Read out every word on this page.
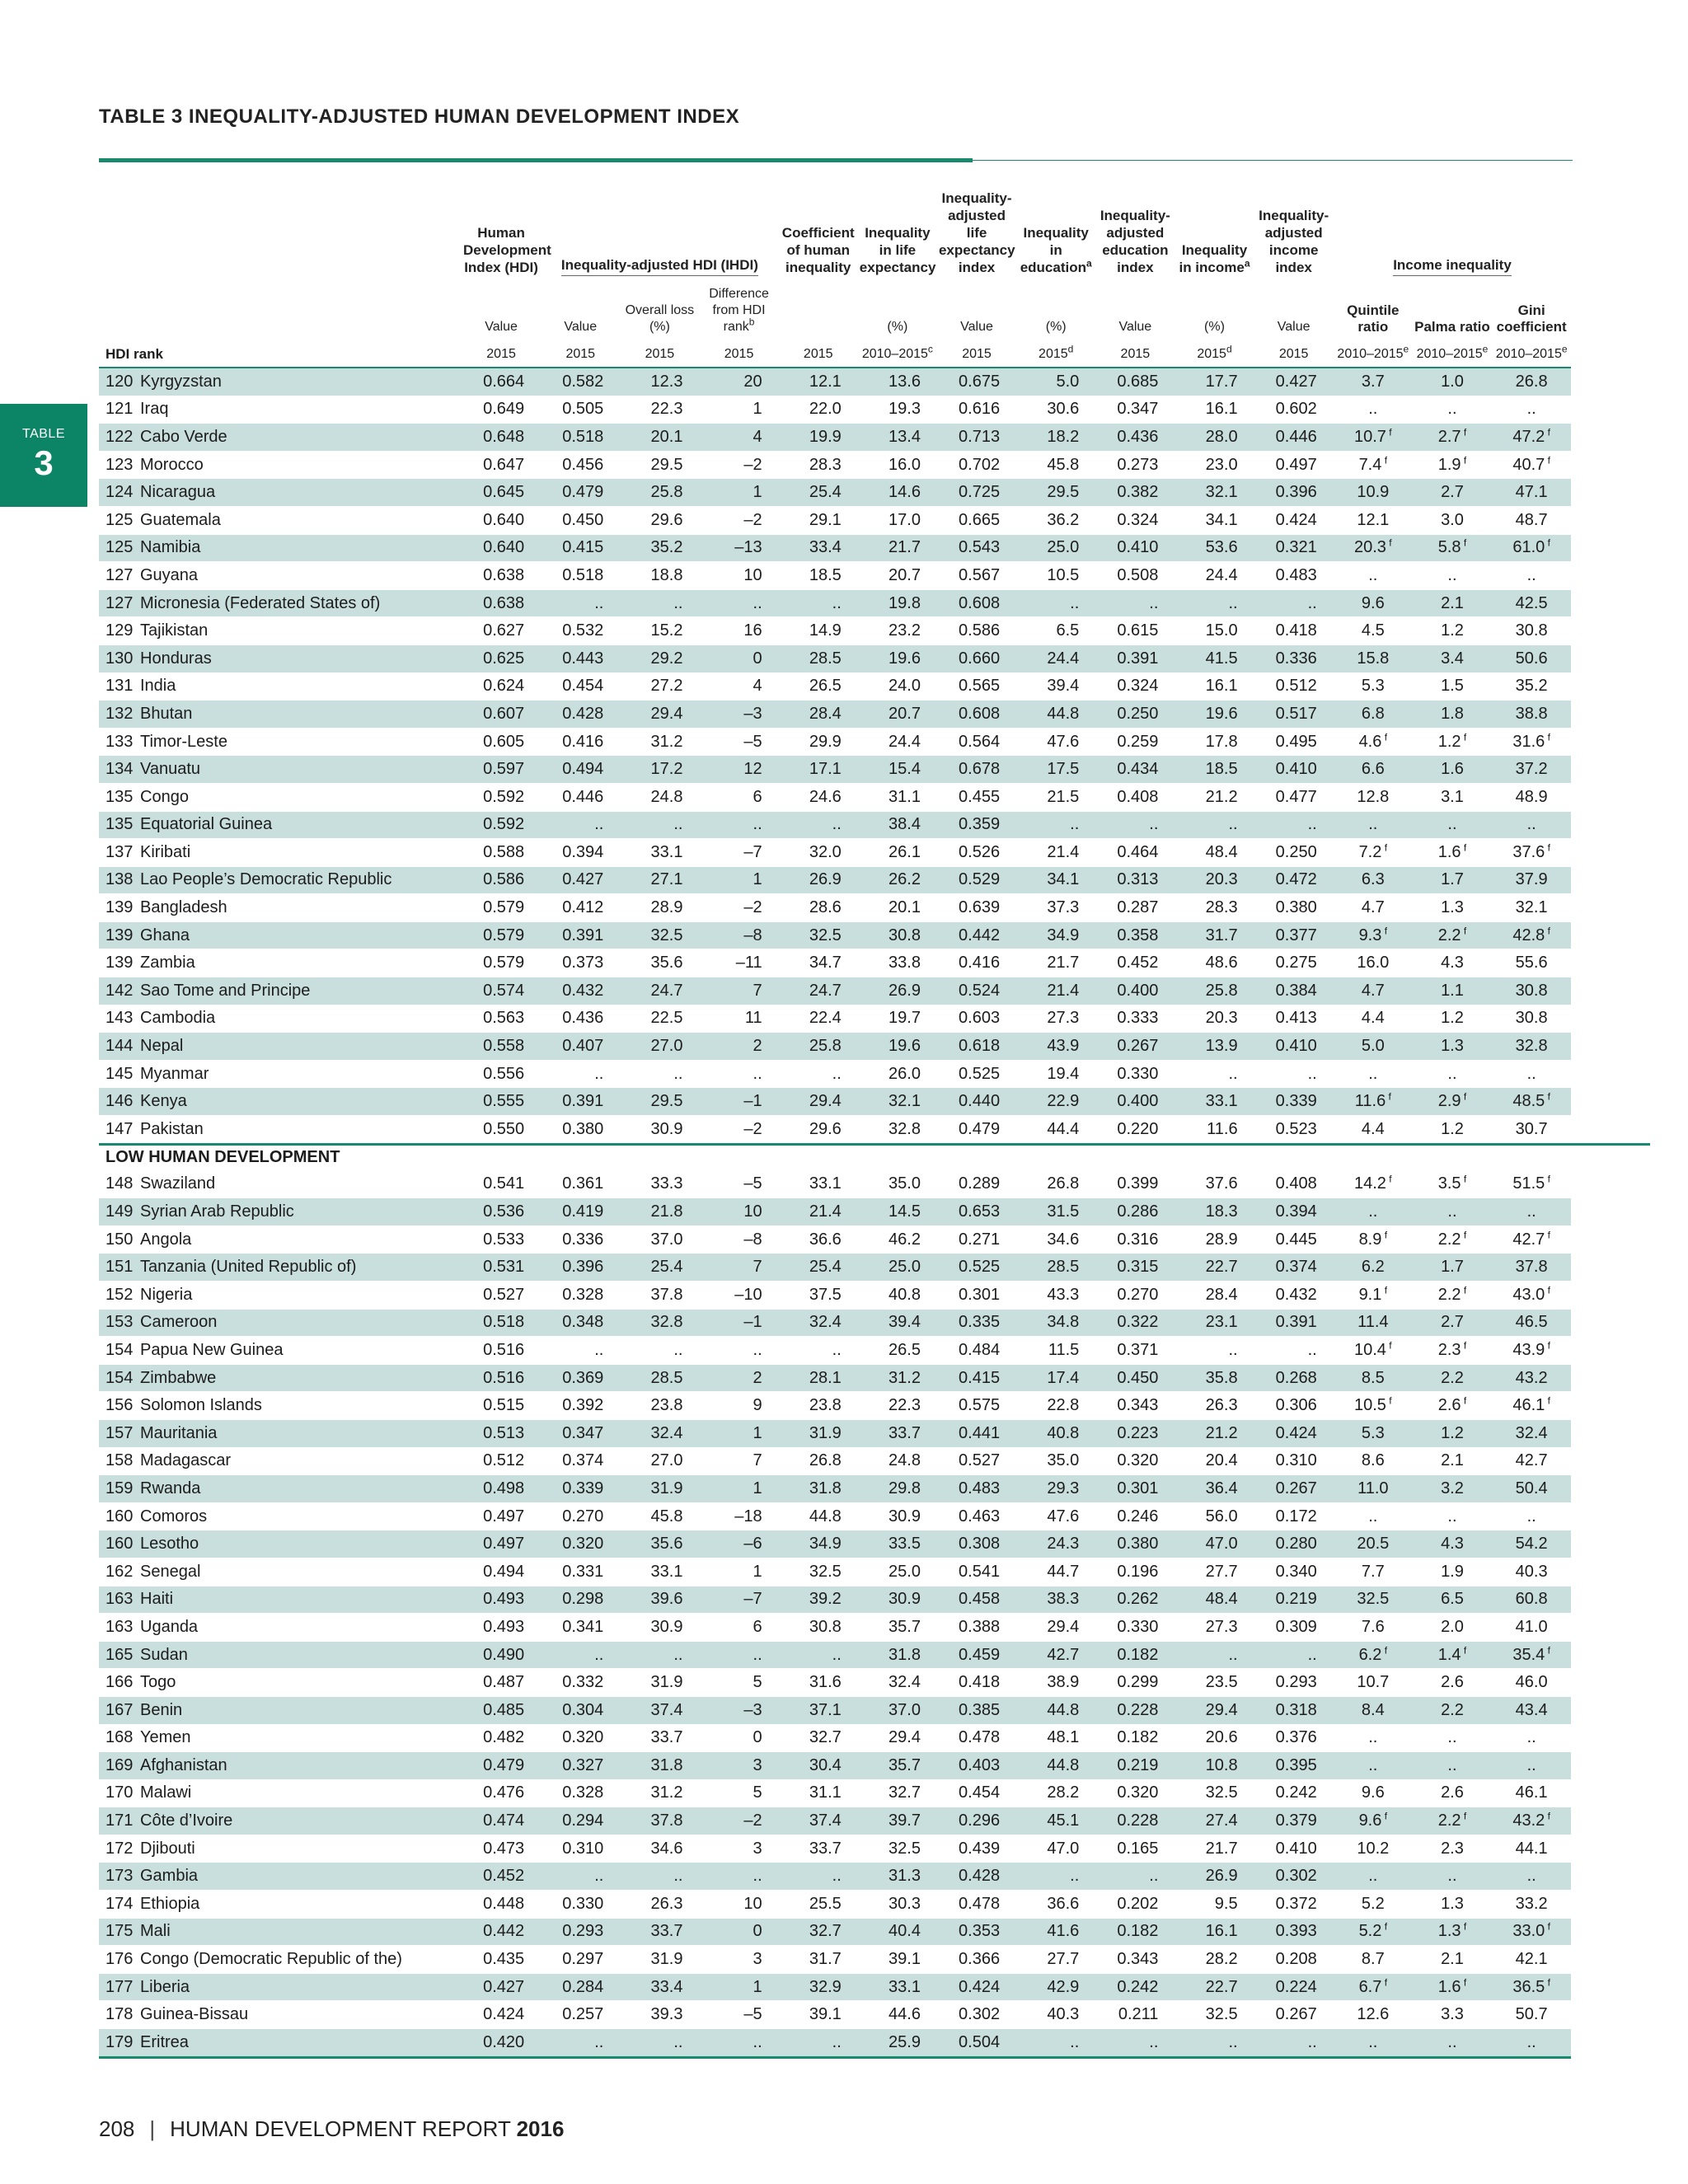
TABLE 3 INEQUALITY-ADJUSTED HUMAN DEVELOPMENT INDEX
TABLE
3
	Human Development Index (HDI)	Inequality-adjusted HDI (IHDI)			Coefficient of human inequality	Inequality in life expectancy	Inequality-adjusted life expectancy index	Inequality in education$^a$	Inequality-adjusted education index	Inequality in income$^a$	Inequality-adjusted income index	Income inequality		
	Value	Value	Overall loss (%)	Difference from HDI rank$^b$		(%)	Value	(%)	Value	(%)	Value	Quintile ratio	Palma ratio	Gini coefficient
HDI rank	2015	2015	2015	2015	2015	2010–2015$^c$	2015	2015$^d$	2015	2015$^d$	2015	2010–2015e	2010–2015e	2010–2015e
120 Kyrgyzstan	0.664	0.582	12.3	20	12.1	13.6	0.675	5.0	0.685	17.7	0.427	3.7	1.0	26.8
121 Iraq	0.649	0.505	22.3	1	22.0	19.3	0.616	30.6	0.347	16.1	0.602	..	..	..
122 Cabo Verde	0.648	0.518	20.1	4	19.9	13.4	0.713	18.2	0.436	28.0	0.446	10.7 $^f$	2.7 $^f$	47.2 $^f$
123 Morocco	0.647	0.456	29.5	–2	28.3	16.0	0.702	45.8	0.273	23.0	0.497	7.4 $^f$	1.9 $^f$	40.7 $^f$
124 Nicaragua	0.645	0.479	25.8	1	25.4	14.6	0.725	29.5	0.382	32.1	0.396	10.9	2.7	47.1
125 Guatemala	0.640	0.450	29.6	–2	29.1	17.0	0.665	36.2	0.324	34.1	0.424	12.1	3.0	48.7
125 Namibia	0.640	0.415	35.2	–13	33.4	21.7	0.543	25.0	0.410	53.6	0.321	20.3 $^f$	5.8 $^f$	61.0 $^f$
127 Guyana	0.638	0.518	18.8	10	18.5	20.7	0.567	10.5	0.508	24.4	0.483	..	..	..
127 Micronesia (Federated States of)	0.638	..	..	..	..	19.8	0.608	..	..	..	..	9.6	2.1	42.5
129 Tajikistan	0.627	0.532	15.2	16	14.9	23.2	0.586	6.5	0.615	15.0	0.418	4.5	1.2	30.8
130 Honduras	0.625	0.443	29.2	0	28.5	19.6	0.660	24.4	0.391	41.5	0.336	15.8	3.4	50.6
131 India	0.624	0.454	27.2	4	26.5	24.0	0.565	39.4	0.324	16.1	0.512	5.3	1.5	35.2
132 Bhutan	0.607	0.428	29.4	–3	28.4	20.7	0.608	44.8	0.250	19.6	0.517	6.8	1.8	38.8
133 Timor-Leste	0.605	0.416	31.2	–5	29.9	24.4	0.564	47.6	0.259	17.8	0.495	4.6 $^f$	1.2 $^f$	31.6 $^f$
134 Vanuatu	0.597	0.494	17.2	12	17.1	15.4	0.678	17.5	0.434	18.5	0.410	6.6	1.6	37.2
135 Congo	0.592	0.446	24.8	6	24.6	31.1	0.455	21.5	0.408	21.2	0.477	12.8	3.1	48.9
135 Equatorial Guinea	0.592	..	..	..	..	38.4	0.359	..	..	..	..	..	..	..
137 Kiribati	0.588	0.394	33.1	–7	32.0	26.1	0.526	21.4	0.464	48.4	0.250	7.2 $^f$	1.6 $^f$	37.6 $^f$
138 Lao People’s Democratic Republic	0.586	0.427	27.1	1	26.9	26.2	0.529	34.1	0.313	20.3	0.472	6.3	1.7	37.9
139 Bangladesh	0.579	0.412	28.9	–2	28.6	20.1	0.639	37.3	0.287	28.3	0.380	4.7	1.3	32.1
139 Ghana	0.579	0.391	32.5	–8	32.5	30.8	0.442	34.9	0.358	31.7	0.377	9.3 $^f$	2.2 $^f$	42.8 $^f$
139 Zambia	0.579	0.373	35.6	–11	34.7	33.8	0.416	21.7	0.452	48.6	0.275	16.0	4.3	55.6
142 Sao Tome and Principe	0.574	0.432	24.7	7	24.7	26.9	0.524	21.4	0.400	25.8	0.384	4.7	1.1	30.8
143 Cambodia	0.563	0.436	22.5	11	22.4	19.7	0.603	27.3	0.333	20.3	0.413	4.4	1.2	30.8
144 Nepal	0.558	0.407	27.0	2	25.8	19.6	0.618	43.9	0.267	13.9	0.410	5.0	1.3	32.8
145 Myanmar	0.556	..	..	..	..	26.0	0.525	19.4	0.330	..	..	..	..	..
146 Kenya	0.555	0.391	29.5	–1	29.4	32.1	0.440	22.9	0.400	33.1	0.339	11.6 $^f$	2.9 $^f$	48.5 $^f$
147 Pakistan	0.550	0.380	30.9	–2	29.6	32.8	0.479	44.4	0.220	11.6	0.523	4.4	1.2	30.7
LOW HUMAN DEVELOPMENT														
148 Swaziland	0.541	0.361	33.3	–5	33.1	35.0	0.289	26.8	0.399	37.6	0.408	14.2 $^f$	3.5 $^f$	51.5 $^f$
149 Syrian Arab Republic	0.536	0.419	21.8	10	21.4	14.5	0.653	31.5	0.286	18.3	0.394	..	..	..
150 Angola	0.533	0.336	37.0	–8	36.6	46.2	0.271	34.6	0.316	28.9	0.445	8.9 $^f$	2.2 $^f$	42.7 $^f$
151 Tanzania (United Republic of)	0.531	0.396	25.4	7	25.4	25.0	0.525	28.5	0.315	22.7	0.374	6.2	1.7	37.8
152 Nigeria	0.527	0.328	37.8	–10	37.5	40.8	0.301	43.3	0.270	28.4	0.432	9.1 $^f$	2.2 $^f$	43.0 $^f$
153 Cameroon	0.518	0.348	32.8	–1	32.4	39.4	0.335	34.8	0.322	23.1	0.391	11.4	2.7	46.5
154 Papua New Guinea	0.516	..	..	..	..	26.5	0.484	11.5	0.371	..	..	10.4 $^f$	2.3 $^f$	43.9 $^f$
154 Zimbabwe	0.516	0.369	28.5	2	28.1	31.2	0.415	17.4	0.450	35.8	0.268	8.5	2.2	43.2
156 Solomon Islands	0.515	0.392	23.8	9	23.8	22.3	0.575	22.8	0.343	26.3	0.306	10.5 $^f$	2.6 $^f$	46.1 $^f$
157 Mauritania	0.513	0.347	32.4	1	31.9	33.7	0.441	40.8	0.223	21.2	0.424	5.3	1.2	32.4
158 Madagascar	0.512	0.374	27.0	7	26.8	24.8	0.527	35.0	0.320	20.4	0.310	8.6	2.1	42.7
159 Rwanda	0.498	0.339	31.9	1	31.8	29.8	0.483	29.3	0.301	36.4	0.267	11.0	3.2	50.4
160 Comoros	0.497	0.270	45.8	–18	44.8	30.9	0.463	47.6	0.246	56.0	0.172	..	..	..
160 Lesotho	0.497	0.320	35.6	–6	34.9	33.5	0.308	24.3	0.380	47.0	0.280	20.5	4.3	54.2
162 Senegal	0.494	0.331	33.1	1	32.5	25.0	0.541	44.7	0.196	27.7	0.340	7.7	1.9	40.3
163 Haiti	0.493	0.298	39.6	–7	39.2	30.9	0.458	38.3	0.262	48.4	0.219	32.5	6.5	60.8
163 Uganda	0.493	0.341	30.9	6	30.8	35.7	0.388	29.4	0.330	27.3	0.309	7.6	2.0	41.0
165 Sudan	0.490	..	..	..	..	31.8	0.459	42.7	0.182	..	..	6.2 $^f$	1.4 $^f$	35.4 $^f$
166 Togo	0.487	0.332	31.9	5	31.6	32.4	0.418	38.9	0.299	23.5	0.293	10.7	2.6	46.0
167 Benin	0.485	0.304	37.4	–3	37.1	37.0	0.385	44.8	0.228	29.4	0.318	8.4	2.2	43.4
168 Yemen	0.482	0.320	33.7	0	32.7	29.4	0.478	48.1	0.182	20.6	0.376	..	..	..
169 Afghanistan	0.479	0.327	31.8	3	30.4	35.7	0.403	44.8	0.219	10.8	0.395	..	..	..
170 Malawi	0.476	0.328	31.2	5	31.1	32.7	0.454	28.2	0.320	32.5	0.242	9.6	2.6	46.1
171 Côte d’Ivoire	0.474	0.294	37.8	–2	37.4	39.7	0.296	45.1	0.228	27.4	0.379	9.6 $^f$	2.2 $^f$	43.2 $^f$
172 Djibouti	0.473	0.310	34.6	3	33.7	32.5	0.439	47.0	0.165	21.7	0.410	10.2	2.3	44.1
173 Gambia	0.452	..	..	..	..	31.3	0.428	..	..	26.9	0.302	..	..	..
174 Ethiopia	0.448	0.330	26.3	10	25.5	30.3	0.478	36.6	0.202	9.5	0.372	5.2	1.3	33.2
175 Mali	0.442	0.293	33.7	0	32.7	40.4	0.353	41.6	0.182	16.1	0.393	5.2 $^f$	1.3 $^f$	33.0 $^f$
176 Congo (Democratic Republic of the)	0.435	0.297	31.9	3	31.7	39.1	0.366	27.7	0.343	28.2	0.208	8.7	2.1	42.1
177 Liberia	0.427	0.284	33.4	1	32.9	33.1	0.424	42.9	0.242	22.7	0.224	6.7 $^f$	1.6 $^f$	36.5 $^f$
178 Guinea-Bissau	0.424	0.257	39.3	–5	39.1	44.6	0.302	40.3	0.211	32.5	0.267	12.6	3.3	50.7
179 Eritrea	0.420	..	..	..	..	25.9	0.504	..	..	..	..	..	..	..
208 | HUMAN DEVELOPMENT REPORT 2016
